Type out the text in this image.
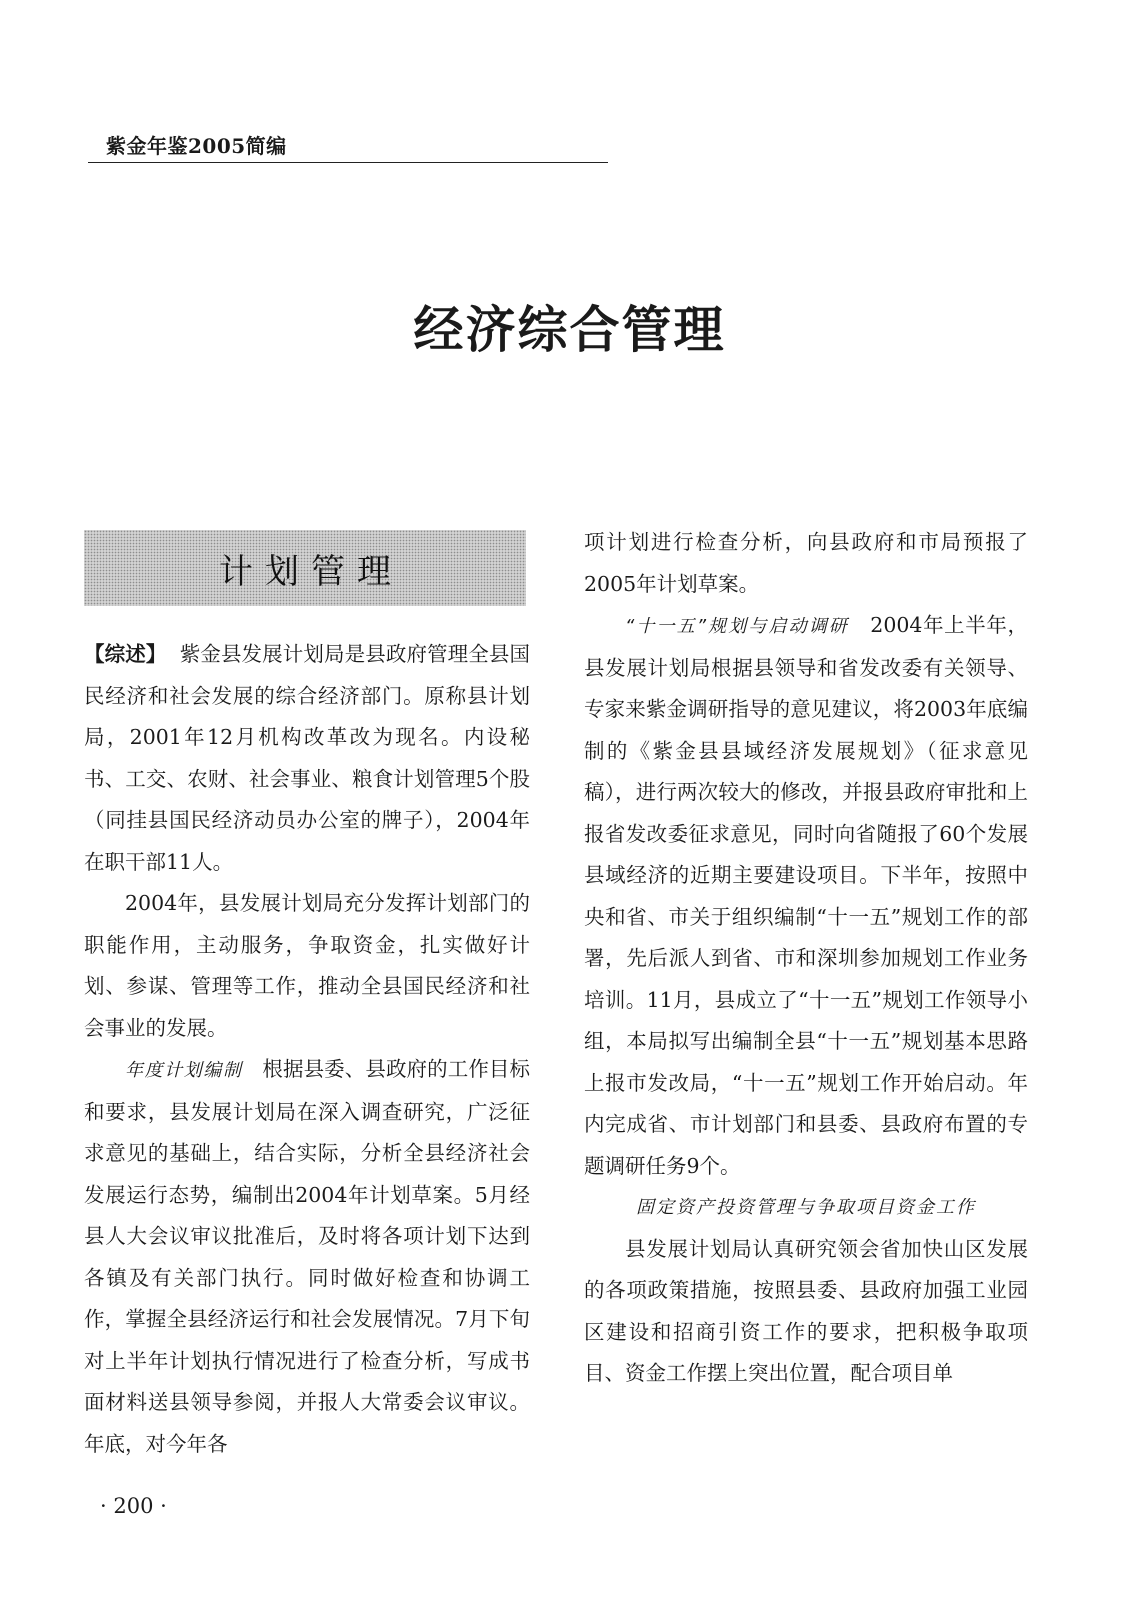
紫金年鉴2005简编
经济综合管理
计划管理

【综述】 紫金县发展计划局是县政府管理全县国民经济和社会发展的综合经济部门。原称县计划局，2001年12月机构改革改为现名。内设秘书、工交、农财、社会事业、粮食计划管理5个股（同挂县国民经济动员办公室的牌子），2004年在职干部11人。

2004年，县发展计划局充分发挥计划部门的职能作用，主动服务，争取资金，扎实做好计划、参谋、管理等工作，推动全县国民经济和社会事业的发展。

年度计划编制 根据县委、县政府的工作目标和要求，县发展计划局在深入调查研究，广泛征求意见的基础上，结合实际，分析全县经济社会发展运行态势，编制出2004年计划草案。5月经县人大会议审议批准后，及时将各项计划下达到各镇及有关部门执行。同时做好检查和协调工作，掌握全县经济运行和社会发展情况。7月下旬对上半年计划执行情况进行了检查分析，写成书面材料送县领导参阅，并报人大常委会议审议。年底，对今年各

项计划进行检查分析，向县政府和市局预报了2005年计划草案。

“十一五”规划与启动调研 2004年上半年，县发展计划局根据县领导和省发改委有关领导、专家来紫金调研指导的意见建议，将2003年底编制的《紫金县县域经济发展规划》（征求意见稿），进行两次较大的修改，并报县政府审批和上报省发改委征求意见，同时向省随报了60个发展县域经济的近期主要建设项目。下半年，按照中央和省、市关于组织编制“十一五”规划工作的部署，先后派人到省、市和深圳参加规划工作业务培训。11月，县成立了“十一五”规划工作领导小组，本局拟写出编制全县“十一五”规划基本思路上报市发改局，“十一五”规划工作开始启动。年内完成省、市计划部门和县委、县政府布置的专题调研任务9个。

固定资产投资管理与争取项目资金工作

县发展计划局认真研究领会省加快山区发展的各项政策措施，按照县委、县政府加强工业园区建设和招商引资工作的要求，把积极争取项目、资金工作摆上突出位置，配合项目单

· 200 ·
